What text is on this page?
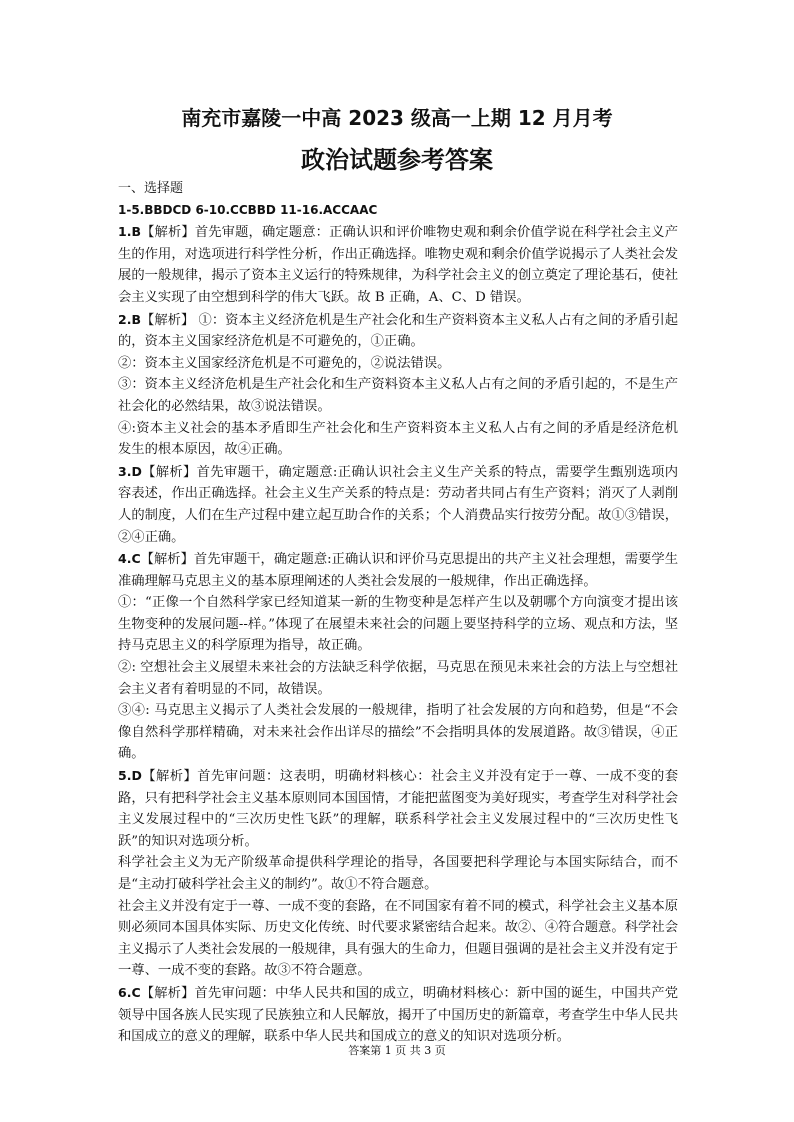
南充市嘉陵一中高 2023 级高一上期 12 月月考
政治试题参考答案

一、选择题

1-5.BBDCD 6-10.CCBBD 11-16.ACCAAC

1.B【解析】首先审题，确定题意：正确认识和评价唯物史观和剩余价值学说在科学社会主义产生的作用，对选项进行科学性分析，作出正确选择。唯物史观和剩余价值学说揭示了人类社会发展的一般规律，揭示了资本主义运行的特殊规律，为科学社会主义的创立奠定了理论基石，使社会主义实现了由空想到科学的伟大飞跃。故 B 正确，A、C、D 错误。

2.B【解析】 ①：资本主义经济危机是生产社会化和生产资料资本主义私人占有之间的矛盾引起的，资本主义国家经济危机是不可避免的，①正确。

②：资本主义国家经济危机是不可避免的，②说法错误。

③：资本主义经济危机是生产社会化和生产资料资本主义私人占有之间的矛盾引起的，不是生产社会化的必然结果，故③说法错误。

④:资本主义社会的基本矛盾即生产社会化和生产资料资本主义私人占有之间的矛盾是经济危机发生的根本原因，故④正确。

3.D【解析】首先审题干，确定题意:正确认识社会主义生产关系的特点，需要学生甄别选项内容表述，作出正确选择。社会主义生产关系的特点是：劳动者共同占有生产资料；消灭了人剥削人的制度，人们在生产过程中建立起互助合作的关系；个人消费品实行按劳分配。故①③错误，②④正确。

4.C【解析】首先审题干，确定题意:正确认识和评价马克思提出的共产主义社会理想，需要学生准确理解马克思主义的基本原理阐述的人类社会发展的一般规律，作出正确选择。

①：“正像一个自然科学家已经知道某一新的生物变种是怎样产生以及朝哪个方向演变才提出该生物变种的发展问题--样。”体现了在展望未来社会的问题上要坚持科学的立场、观点和方法，坚持马克思主义的科学原理为指导，故正确。

②: 空想社会主义展望未来社会的方法缺乏科学依据，马克思在预见未来社会的方法上与空想社会主义者有着明显的不同，故错误。

③④: 马克思主义揭示了人类社会发展的一般规律，指明了社会发展的方向和趋势，但是“不会像自然科学那样精确，对未来社会作出详尽的描绘”不会指明具体的发展道路。故③错误，④正确。

5.D【解析】首先审问题：这表明，明确材料核心：社会主义并没有定于一尊、一成不变的套路，只有把科学社会主义基本原则同本国国情，才能把蓝图变为美好现实，考查学生对科学社会主义发展过程中的“三次历史性飞跃”的理解，联系科学社会主义发展过程中的“三次历史性飞跃”的知识对选项分析。

科学社会主义为无产阶级革命提供科学理论的指导，各国要把科学理论与本国实际结合，而不是“主动打破科学社会主义的制约”。故①不符合题意。

社会主义并没有定于一尊、一成不变的套路，在不同国家有着不同的模式，科学社会主义基本原则必须同本国具体实际、历史文化传统、时代要求紧密结合起来。故②、④符合题意。科学社会主义揭示了人类社会发展的一般规律，具有强大的生命力，但题目强调的是社会主义并没有定于一尊、一成不变的套路。故③不符合题意。

6.C【解析】首先审问题：中华人民共和国的成立，明确材料核心：新中国的诞生，中国共产党领导中国各族人民实现了民族独立和人民解放，揭开了中国历史的新篇章，考查学生中华人民共和国成立的意义的理解，联系中华人民共和国成立的意义的知识对选项分析。

答案第 1 页 共 3 页
